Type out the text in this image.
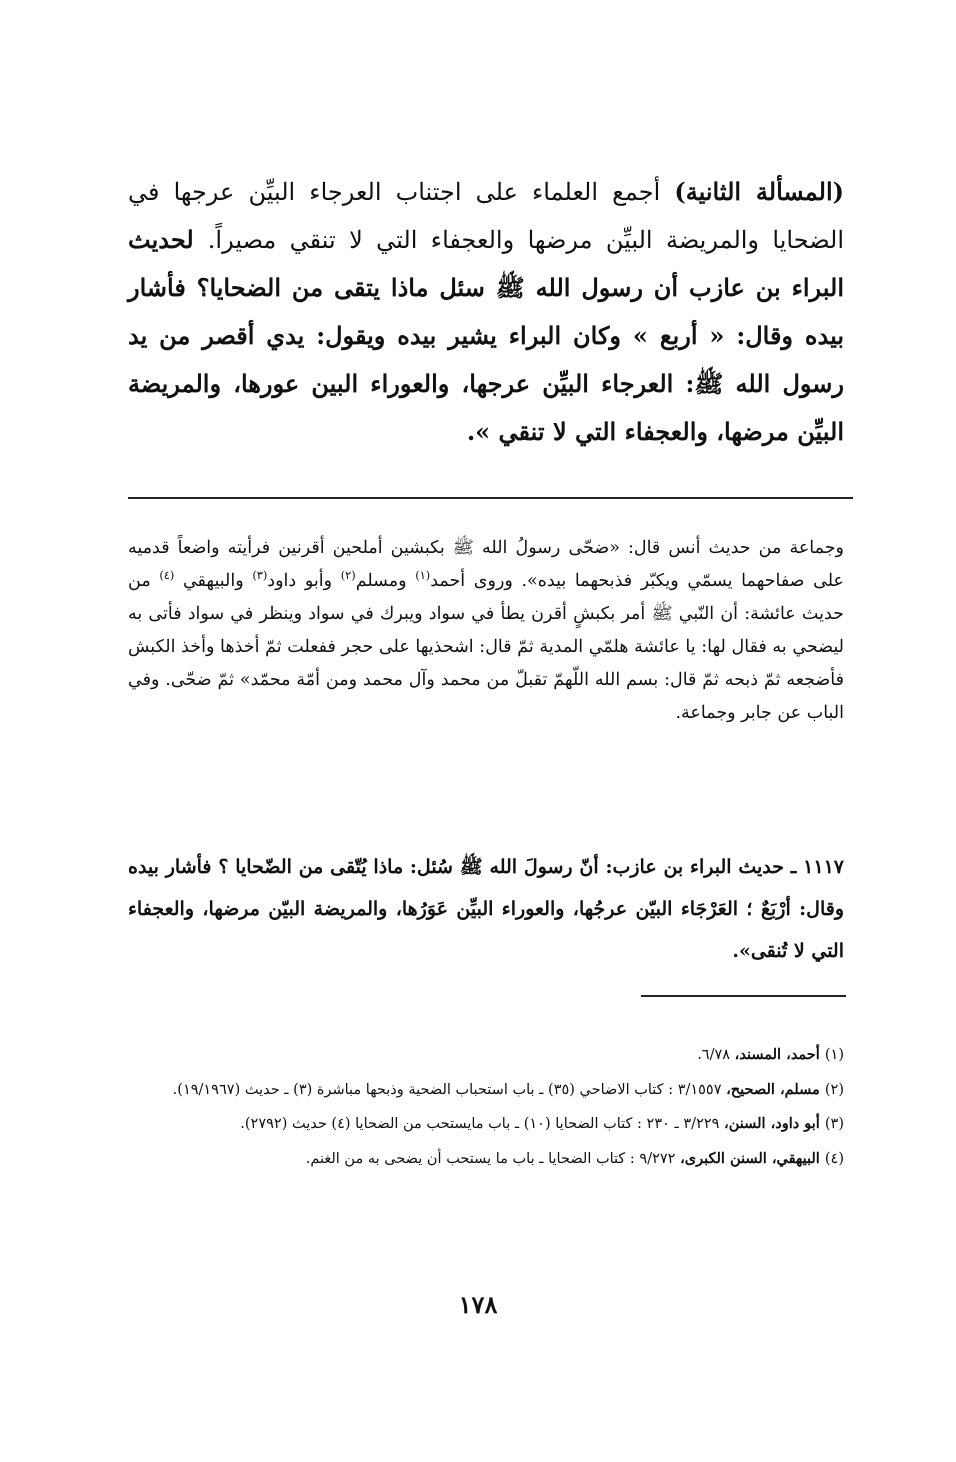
(المسألة الثانية) أجمع العلماء على اجتناب العرجاء البيِّن عرجها في الضحايا والمريضة البيِّن مرضها والعجفاء التي لا تنقي مصيراً. لحديث البراء بن عازب أن رسول الله ﷺ سئل ماذا يتقى من الضحايا؟ فأشار بيده وقال: « أربع » وكان البراء يشير بيده ويقول: يدي أقصر من يد رسول الله ﷺ: العرجاء البيِّن عرجها، والعوراء البين عورها، والمريضة البيِّن مرضها، والعجفاء التي لا تنقي ».
وجماعة من حديث أنس قال: «ضحّى رسولُ الله ﷺ بكبشين أملحين أقرنين فرأيته واضعاً قدميه على صفاحهما يسمّي ويكبّر فذبحهما بيده». وروى أحمد$^{(١)}$ ومسلم$^{(٢)}$ وأبو داود$^{(٣)}$ والبيهقي $^{(٤)}$ من حديث عائشة: أن النّبي ﷺ أمر بكبشٍ أقرن يطأ في سواد ويبرك في سواد وينظر في سواد فأتى به ليضحي به فقال لها: يا عائشة هلمّي المدية ثمّ قال: اشحذيها على حجر ففعلت ثمّ أخذها وأخذ الكبش فأضجعه ثمّ ذبحه ثمّ قال: بسم الله اللّهمّ تقبلّ من محمد وآل محمد ومن أمّة محمّد» ثمّ ضحّى. وفي الباب عن جابر وجماعة.
١١١٧ ـ حديث البراء بن عازب: أنّ رسولَ الله ﷺ سُئل: ماذا يُتّقى من الضّحايا ؟ فأشار بيده وقال: أرْبَعٌ ؛ العَرْجَاء البيّن عرجُها، والعوراء البيِّن عَوَرُها، والمريضة البيّن مرضها، والعجفاء التي لا تُنقى».

(١) أحمد، المسند، ٦/٧٨.

(٢) مسلم، الصحيح، ٣/١٥٥٧ : كتاب الاضاحي (٣٥) ـ باب استحباب الضحية وذبحها مباشرة (٣) ـ حديث (١٩/١٩٦٧).

(٣) أبو داود، السنن، ٣/٢٢٩ ـ ٢٣٠ : كتاب الضحايا (١٠) ـ باب مايستحب من الضحايا (٤) حديث (٢٧٩٢).

(٤) البيهقي، السنن الكبرى، ٩/٢٧٢ : كتاب الضحايا ـ باب ما يستحب أن يضحى به من الغنم.

١٧٨
